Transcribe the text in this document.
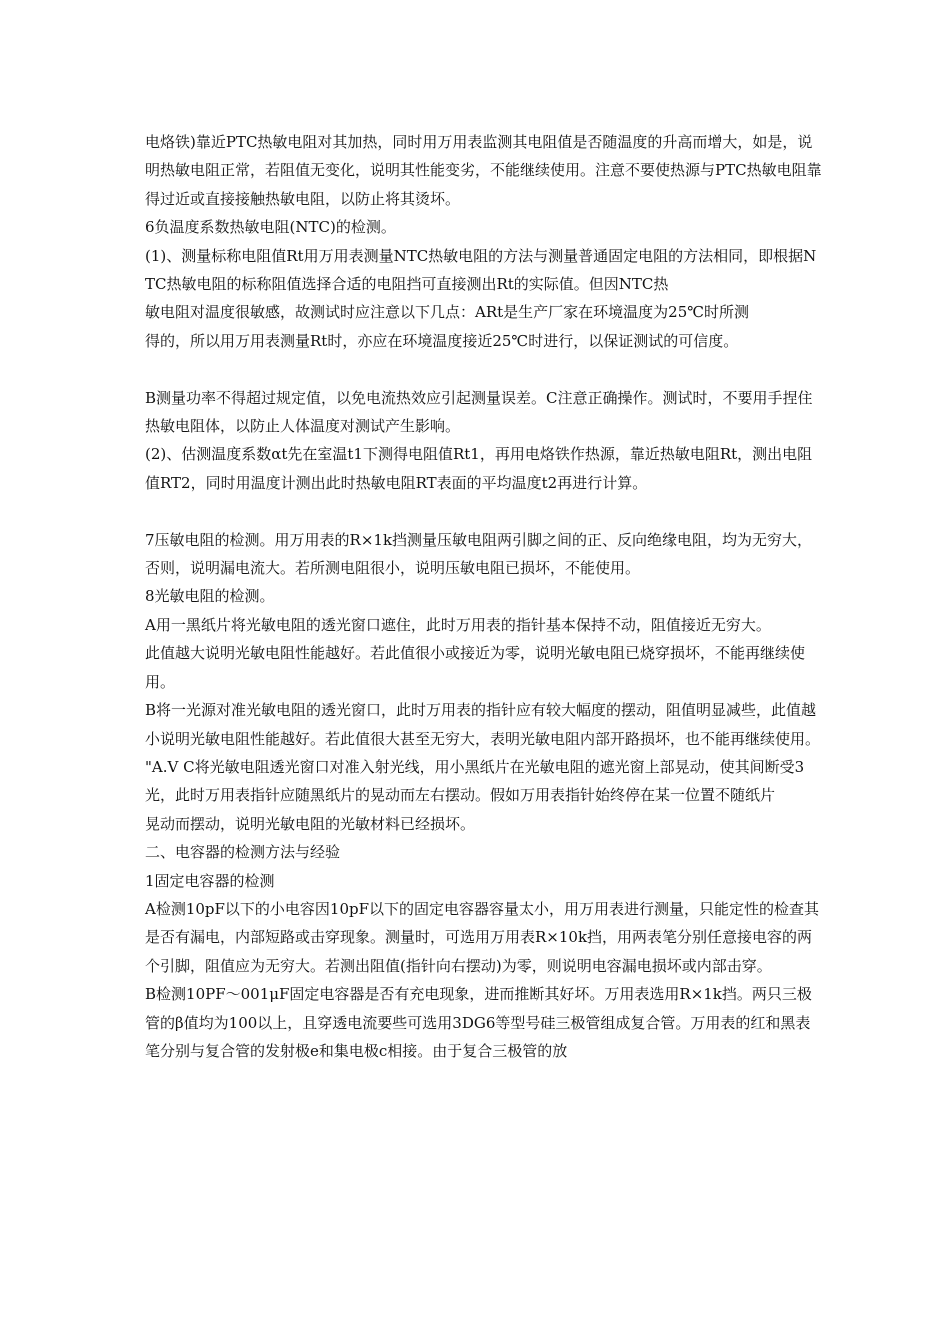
电烙铁)靠近PTC热敏电阻对其加热，同时用万用表监测其电阻值是否随温度的升高而增大，如是，说明热敏电阻正常，若阻值无变化，说明其性能变劣，不能继续使用。注意不要使热源与PTC热敏电阻靠得过近或直接接触热敏电阻，以防止将其烫坏。

6负温度系数热敏电阻(NTC)的检测。

(1)、测量标称电阻值Rt用万用表测量NTC热敏电阻的方法与测量普通固定电阻的方法相同，即根据NTC热敏电阻的标称阻值选择合适的电阻挡可直接测出Rt的实际值。但因NTC热

敏电阻对温度很敏感，故测试时应注意以下几点：ARt是生产厂家在环境温度为25℃时所测

得的，所以用万用表测量Rt时，亦应在环境温度接近25℃时进行，以保证测试的可信度。

B测量功率不得超过规定值，以免电流热效应引起测量误差。C注意正确操作。测试时，不要用手捏住热敏电阻体，以防止人体温度对测试产生影响。

(2)、估测温度系数αt先在室温t1下测得电阻值Rt1，再用电烙铁作热源，靠近热敏电阻Rt，测出电阻值RT2，同时用温度计测出此时热敏电阻RT表面的平均温度t2再进行计算。

7压敏电阻的检测。用万用表的R×1k挡测量压敏电阻两引脚之间的正、反向绝缘电阻，均为无穷大，否则，说明漏电流大。若所测电阻很小，说明压敏电阻已损坏，不能使用。

8光敏电阻的检测。

A用一黑纸片将光敏电阻的透光窗口遮住，此时万用表的指针基本保持不动，阻值接近无穷大。

此值越大说明光敏电阻性能越好。若此值很小或接近为零，说明光敏电阻已烧穿损坏，不能再继续使用。

B将一光源对准光敏电阻的透光窗口，此时万用表的指针应有较大幅度的摆动，阻值明显减些，此值越小说明光敏电阻性能越好。若此值很大甚至无穷大，表明光敏电阻内部开路损坏，也不能再继续使用。 "A.V C将光敏电阻透光窗口对准入射光线，用小黑纸片在光敏电阻的遮光窗上部晃动，使其间断受3光，此时万用表指针应随黑纸片的晃动而左右摆动。假如万用表指针始终停在某一位置不随纸片

晃动而摆动，说明光敏电阻的光敏材料已经损坏。

二、电容器的检测方法与经验

1固定电容器的检测

A检测10pF以下的小电容因10pF以下的固定电容器容量太小，用万用表进行测量，只能定性的检查其是否有漏电，内部短路或击穿现象。测量时，可选用万用表R×10k挡，用两表笔分别任意接电容的两个引脚，阻值应为无穷大。若测出阻值(指针向右摆动)为零，则说明电容漏电损坏或内部击穿。

B检测10PF～001μF固定电容器是否有充电现象，进而推断其好坏。万用表选用R×1k挡。两只三极管的β值均为100以上，且穿透电流要些可选用3DG6等型号硅三极管组成复合管。万用表的红和黑表笔分别与复合管的发射极e和集电极c相接。由于复合三极管的放
